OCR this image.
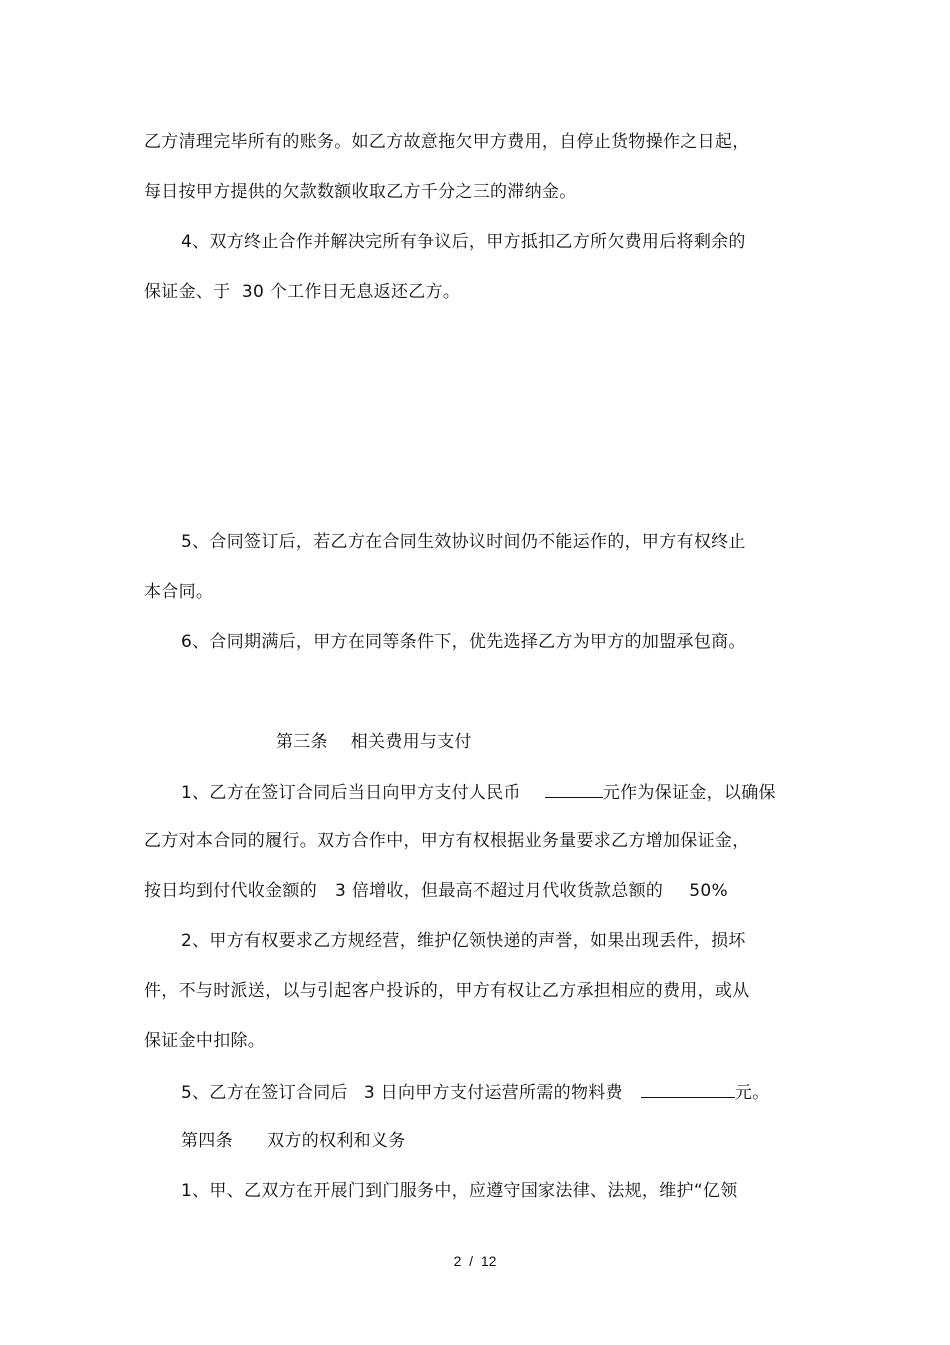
乙方清理完毕所有的账务。如乙方故意拖欠甲方费用，自停止货物操作之日起，
每日按甲方提供的欠款数额收取乙方千分之三的滞纳金。
4、双方终止合作并解决完所有争议后，甲方抵扣乙方所欠费用后将剩余的
保证金、于  30 个工作日无息返还乙方。
5、合同签订后，若乙方在合同生效协议时间仍不能运作的，甲方有权终止
本合同。
6、合同期满后，甲方在同等条件下，优先选择乙方为甲方的加盟承包商。
第三条    相关费用与支付
1、乙方在签订合同后当日向甲方支付人民币	元作为保证金，以确保
乙方对本合同的履行。双方合作中，甲方有权根据业务量要求乙方增加保证金，
按日均到付代收金额的 3 倍增收，但最高不超过月代收货款总额的 50%
2、甲方有权要求乙方规经营，维护亿领快递的声誉，如果出现丢件，损坏
件，不与时派送，以与引起客户投诉的，甲方有权让乙方承担相应的费用，或从
保证金中扣除。
5、乙方在签订合同后 3 日向甲方支付运营所需的物料费	元。
第四条      双方的权利和义务
1、甲、乙双方在开展门到门服务中，应遵守国家法律、法规，维护“亿领
2  /  12
